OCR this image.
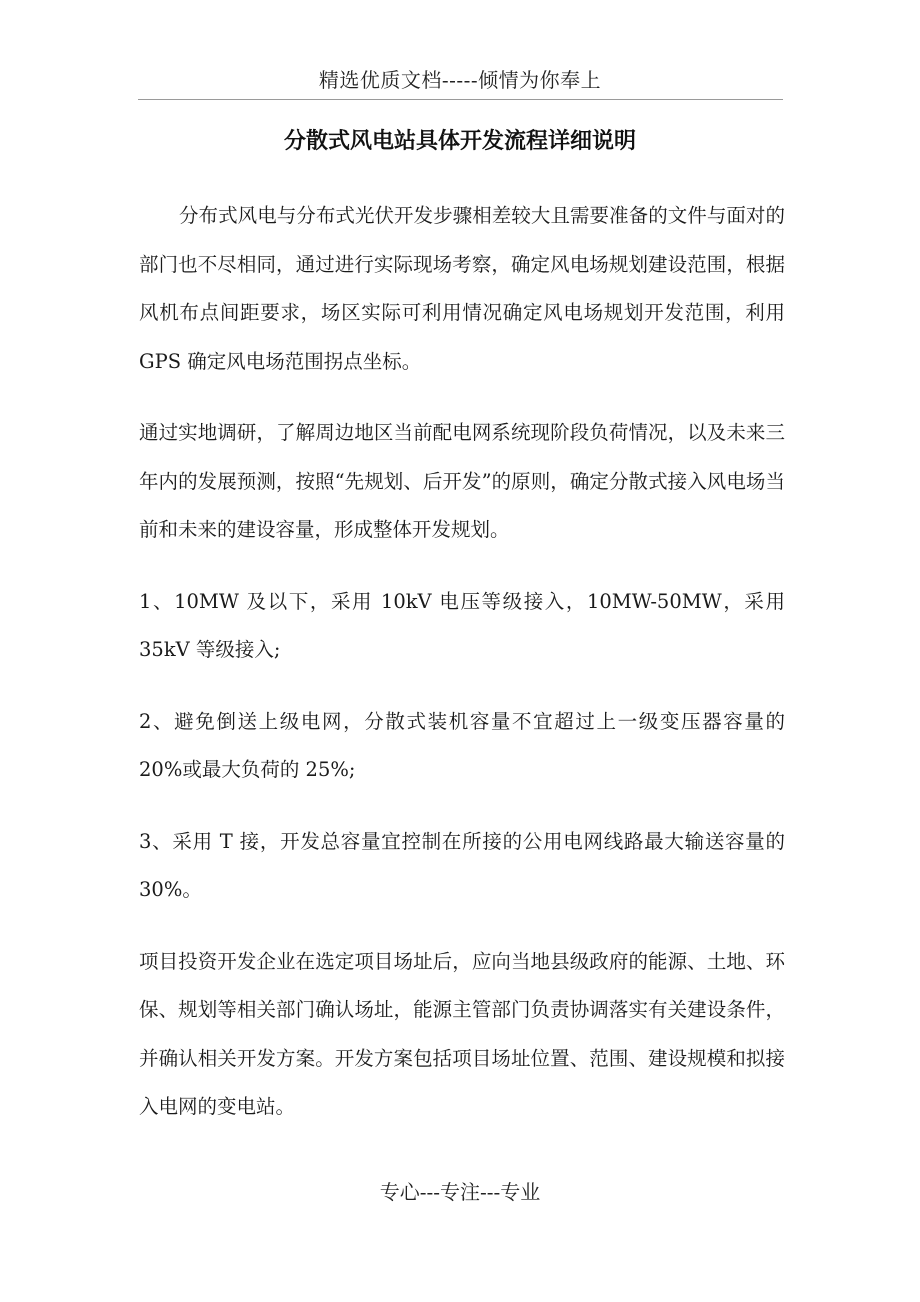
精选优质文档-----倾情为你奉上
分散式风电站具体开发流程详细说明

分布式风电与分布式光伏开发步骤相差较大且需要准备的文件与面对的部门也不尽相同，通过进行实际现场考察，确定风电场规划建设范围，根据风机布点间距要求，场区实际可利用情况确定风电场规划开发范围，利用 GPS 确定风电场范围拐点坐标。

通过实地调研，了解周边地区当前配电网系统现阶段负荷情况，以及未来三年内的发展预测，按照“先规划、后开发”的原则，确定分散式接入风电场当前和未来的建设容量，形成整体开发规划。

1、10MW 及以下，采用 10kV 电压等级接入，10MW-50MW，采用 35kV 等级接入;

2、避免倒送上级电网，分散式装机容量不宜超过上一级变压器容量的 20%或最大负荷的 25%;

3、采用 T 接，开发总容量宜控制在所接的公用电网线路最大输送容量的 30%。

项目投资开发企业在选定项目场址后，应向当地县级政府的能源、土地、环保、规划等相关部门确认场址，能源主管部门负责协调落实有关建设条件，并确认相关开发方案。开发方案包括项目场址位置、范围、建设规模和拟接入电网的变电站。

专心---专注---专业
